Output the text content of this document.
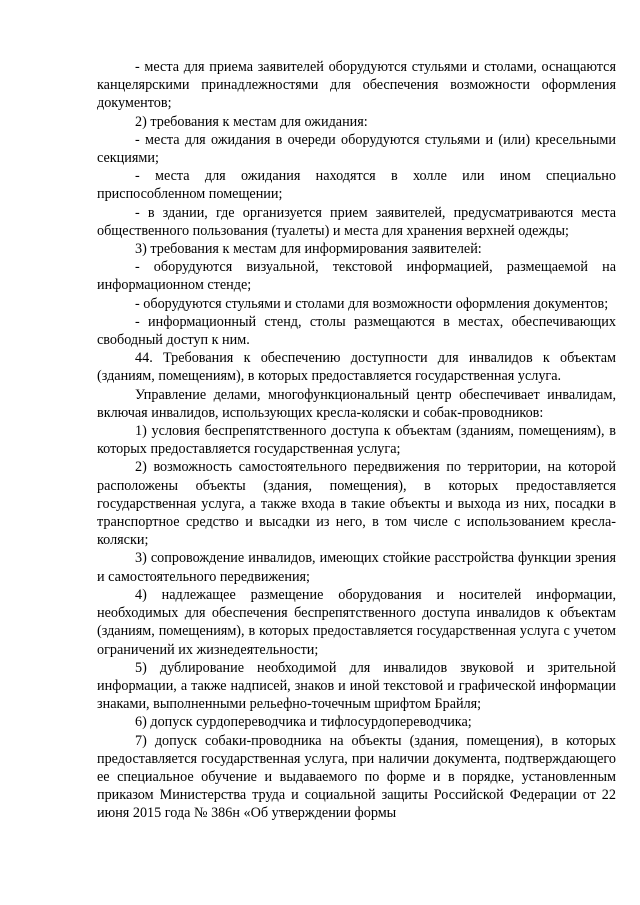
- места для приема заявителей оборудуются стульями и столами, оснащаются канцелярскими принадлежностями для обеспечения возможности оформления документов;

2) требования к местам для ожидания:

- места для ожидания в очереди оборудуются стульями и (или) кресельными секциями;

- места для ожидания находятся в холле или ином специально приспособленном помещении;

- в здании, где организуется прием заявителей, предусматриваются места общественного пользования (туалеты) и места для хранения верхней одежды;

3) требования к местам для информирования заявителей:

- оборудуются визуальной, текстовой информацией, размещаемой на информационном стенде;

- оборудуются стульями и столами для возможности оформления документов;

- информационный стенд, столы размещаются в местах, обеспечивающих свободный доступ к ним.

44. Требования к обеспечению доступности для инвалидов к объектам (зданиям, помещениям), в которых предоставляется государственная услуга.

Управление делами, многофункциональный центр обеспечивает инвалидам, включая инвалидов, использующих кресла-коляски и собак-проводников:

1) условия беспрепятственного доступа к объектам (зданиям, помещениям), в которых предоставляется государственная услуга;

2) возможность самостоятельного передвижения по территории, на которой расположены объекты (здания, помещения), в которых предоставляется государственная услуга, а также входа в такие объекты и выхода из них, посадки в транспортное средство и высадки из него, в том числе с использованием кресла-коляски;

3) сопровождение инвалидов, имеющих стойкие расстройства функции зрения и самостоятельного передвижения;

4) надлежащее размещение оборудования и носителей информации, необходимых для обеспечения беспрепятственного доступа инвалидов к объектам (зданиям, помещениям), в которых предоставляется государственная услуга с учетом ограничений их жизнедеятельности;

5) дублирование необходимой для инвалидов звуковой и зрительной информации, а также надписей, знаков и иной текстовой и графической информации знаками, выполненными рельефно-точечным шрифтом Брайля;

6) допуск сурдопереводчика и тифлосурдопереводчика;

7) допуск собаки-проводника на объекты (здания, помещения), в которых предоставляется государственная услуга, при наличии документа, подтверждающего ее специальное обучение и выдаваемого по форме и в порядке, установленным приказом Министерства труда и социальной защиты Российской Федерации от 22 июня 2015 года № 386н «Об утверждении формы
